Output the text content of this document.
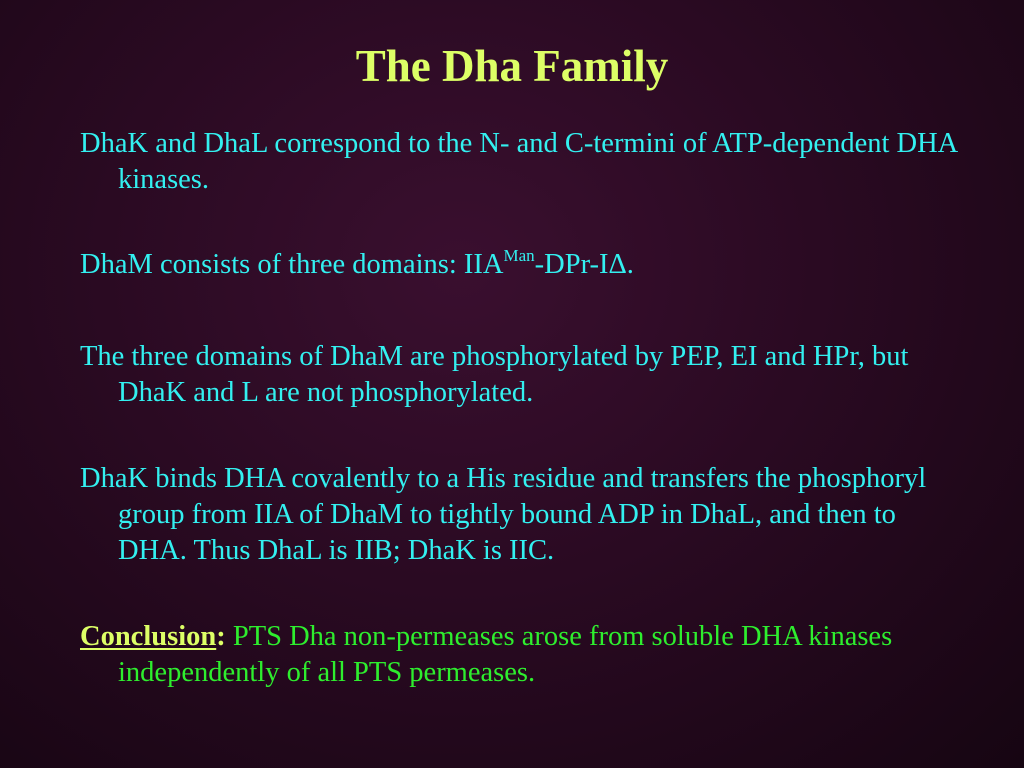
The Dha Family

DhaK and DhaL correspond to the N- and C-termini of ATP-dependent DHA kinases.

DhaM consists of three domains: $IIA^{Man}-DPr-I\Delta$.

The three domains of DhaM are phosphorylated by PEP, EI and HPr, but DhaK and L are not phosphorylated.

DhaK binds DHA covalently to a His residue and transfers the phosphoryl group from IIA of DhaM to tightly bound ADP in DhaL, and then to DHA. Thus DhaL is IIB; DhaK is IIC.

Conclusion: PTS Dha non-permeases arose from soluble DHA kinases independently of all PTS permeases.
